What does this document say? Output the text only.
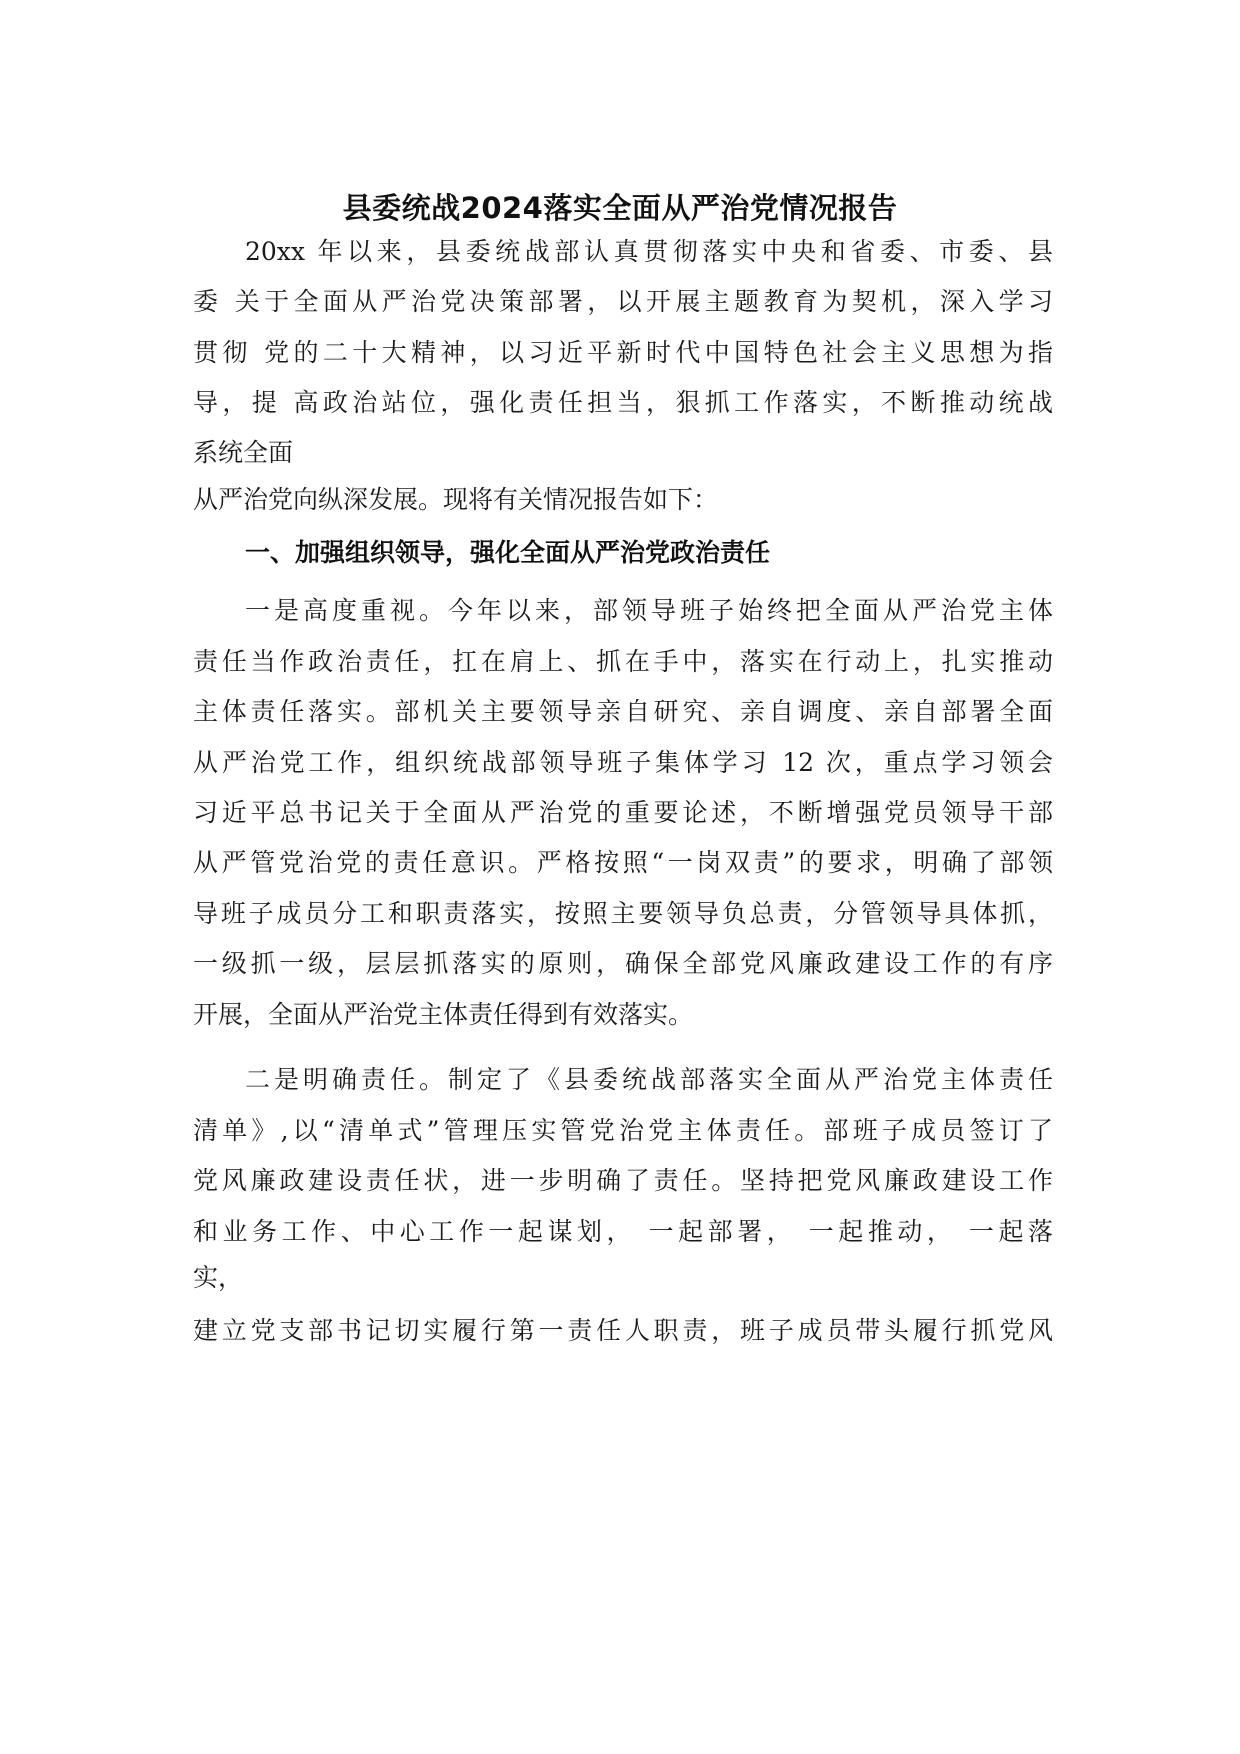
县委统战2024落实全面从严治党情况报告
20xx 年以来，县委统战部认真贯彻落实中央和省委、市委、县
委 关于全面从严治党决策部署，以开展主题教育为契机，深入学习
贯彻 党的二十大精神，以习近平新时代中国特色社会主义思想为指
导，提 高政治站位，强化责任担当，狠抓工作落实，不断推动统战
系统全面
从严治党向纵深发展。现将有关情况报告如下：
一、加强组织领导，强化全面从严治党政治责任
一是高度重视。今年以来，部领导班子始终把全面从严治党主体
责任当作政治责任，扛在肩上、抓在手中，落实在行动上，扎实推动
主体责任落实。部机关主要领导亲自研究、亲自调度、亲自部署全面
从严治党工作，组织统战部领导班子集体学习 12 次，重点学习领会
习近平总书记关于全面从严治党的重要论述，不断增强党员领导干部
从严管党治党的责任意识。严格按照“一岗双责”的要求，明确了部领
导班子成员分工和职责落实，按照主要领导负总责，分管领导具体抓，
一级抓一级，层层抓落实的原则，确保全部党风廉政建设工作的有序
开展，全面从严治党主体责任得到有效落实。
二是明确责任。制定了《县委统战部落实全面从严治党主体责任
清单》,以“清单式”管理压实管党治党主体责任。部班子成员签订了
党风廉政建设责任状，进一步明确了责任。坚持把党风廉政建设工作
和业务工作、中心工作一起谋划， 一起部署， 一起推动， 一起落
实，
建立党支部书记切实履行第一责任人职责，班子成员带头履行抓党风
